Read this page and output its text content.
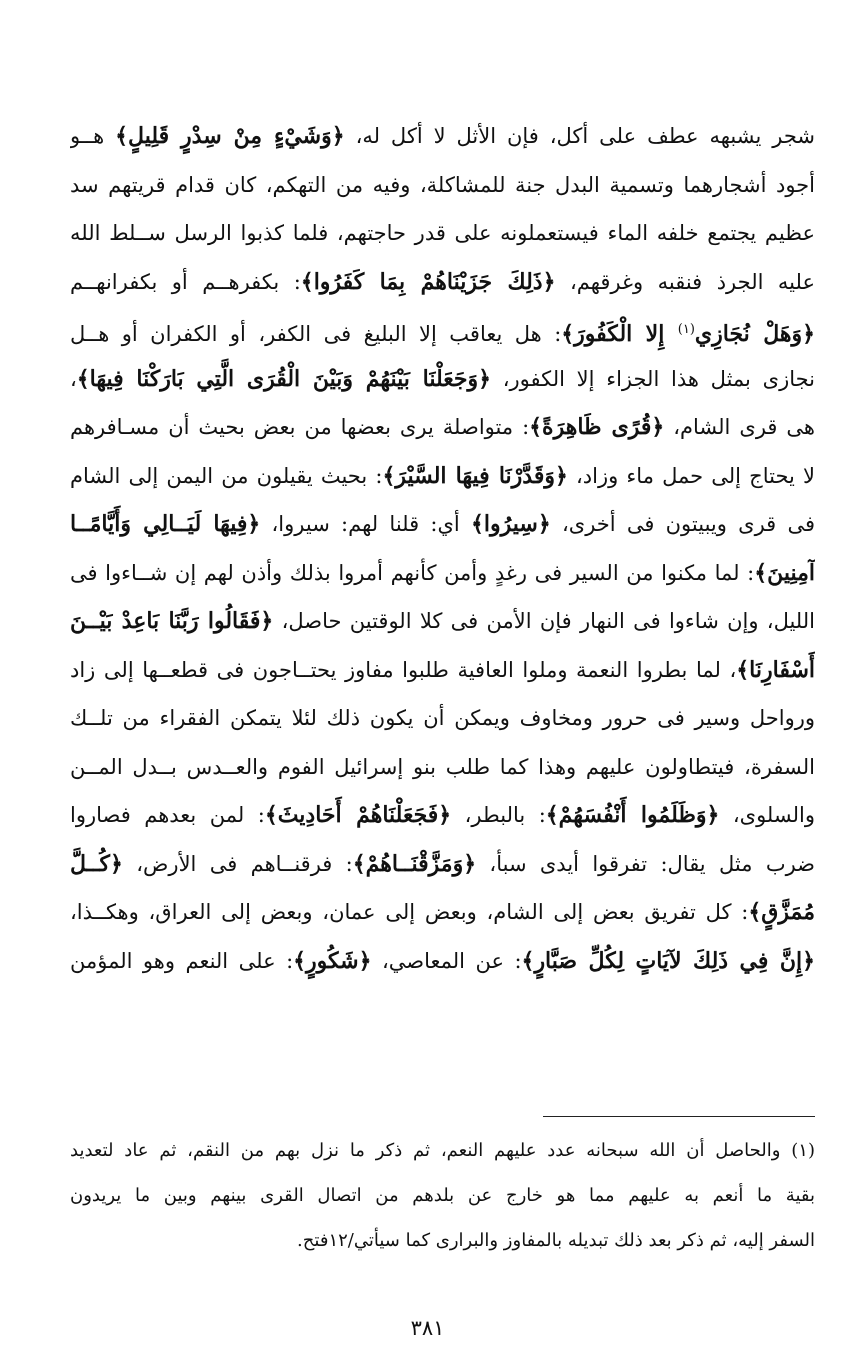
شجر يشبهه عطف على أكل، فإن الأثل لا أكل له، ﴿وَشَيْءٍ مِنْ سِدْرٍ قَلِيلٍ﴾ هــو
أجود أشجارهما وتسمية البدل جنة للمشاكلة، وفيه من التهكم، كان قدام قريتهم سد
عظيم يجتمع خلفه الماء فيستعملونه على قدر حاجتهم، فلما كذبوا الرسل ســلط الله
عليه الجرذ فنقبه وغرقهم، ﴿ذَلِكَ جَزَيْنَاهُمْ بِمَا كَفَرُوا﴾: بكفرهــم أو بكفرانهــم
﴿وَهَلْ نُجَازِي$^{(١)}$ إِلا الْكَفُورَ﴾: هل يعاقب إلا البليغ فى الكفر، أو الكفران أو هــل
نجازى بمثل هذا الجزاء إلا الكفور، ﴿وَجَعَلْنَا بَيْنَهُمْ وَبَيْنَ الْقُرَى الَّتِي بَارَكْنَا فِيهَا﴾،
هى قرى الشام، ﴿قُرًى ظَاهِرَةً﴾: متواصلة يرى بعضها من بعض بحيث أن مسـافرهم
لا يحتاج إلى حمل ماء وزاد، ﴿وَقَدَّرْنَا فِيهَا السَّيْرَ﴾: بحيث يقيلون من اليمن إلى الشام
فى قرى ويبيتون فى أخرى، ﴿سِيرُوا﴾ أي: قلنا لهم: سيروا، ﴿فِيهَا لَيَــالِي وَأَيَّامًــا
آمِنِينَ﴾: لما مكنوا من السير فى رغدٍ وأمن كأنهم أمروا بذلك وأذن لهم إن شــاءوا فى
الليل، وإن شاءوا فى النهار فإن الأمن فى كلا الوقتين حاصل، ﴿فَقَالُوا رَبَّنَا بَاعِدْ بَيْــنَ
أَسْفَارِنَا﴾، لما بطروا النعمة وملوا العافية طلبوا مفاوز يحتــاجون فى قطعــها إلى زاد
ورواحل وسير فى حرور ومخاوف ويمكن أن يكون ذلك لئلا يتمكن الفقراء من تلــك
السفرة، فيتطاولون عليهم وهذا كما طلب بنو إسرائيل الفوم والعــدس بــدل المــن
والسلوى، ﴿وَظَلَمُوا أَنْفُسَهُمْ﴾: بالبطر، ﴿فَجَعَلْنَاهُمْ أَحَادِيثَ﴾: لمن بعدهم فصاروا
ضرب مثل يقال: تفرقوا أيدى سبأ، ﴿وَمَزَّقْنَــاهُمْ﴾: فرقنــاهم فى الأرض، ﴿كُــلَّ
مُمَزَّقٍ﴾: كل تفريق بعض إلى الشام، وبعض إلى عمان، وبعض إلى العراق، وهكــذا،
﴿إِنَّ فِي ذَلِكَ لآيَاتٍ لِكُلِّ صَبَّارٍ﴾: عن المعاصي، ﴿شَكُورٍ﴾: على النعم وهو المؤمن
(١) والحاصل أن الله سبحانه عدد عليهم النعم، ثم ذكر ما نزل بهم من النقم، ثم عاد لتعديد
بقية ما أنعم به عليهم مما هو خارج عن بلدهم من اتصال القرى بينهم وبين ما يريدون
السفر إليه، ثم ذكر بعد ذلك تبديله بالمفاوز والبرارى كما سيأتي/١٢فتح.
٣٨١
